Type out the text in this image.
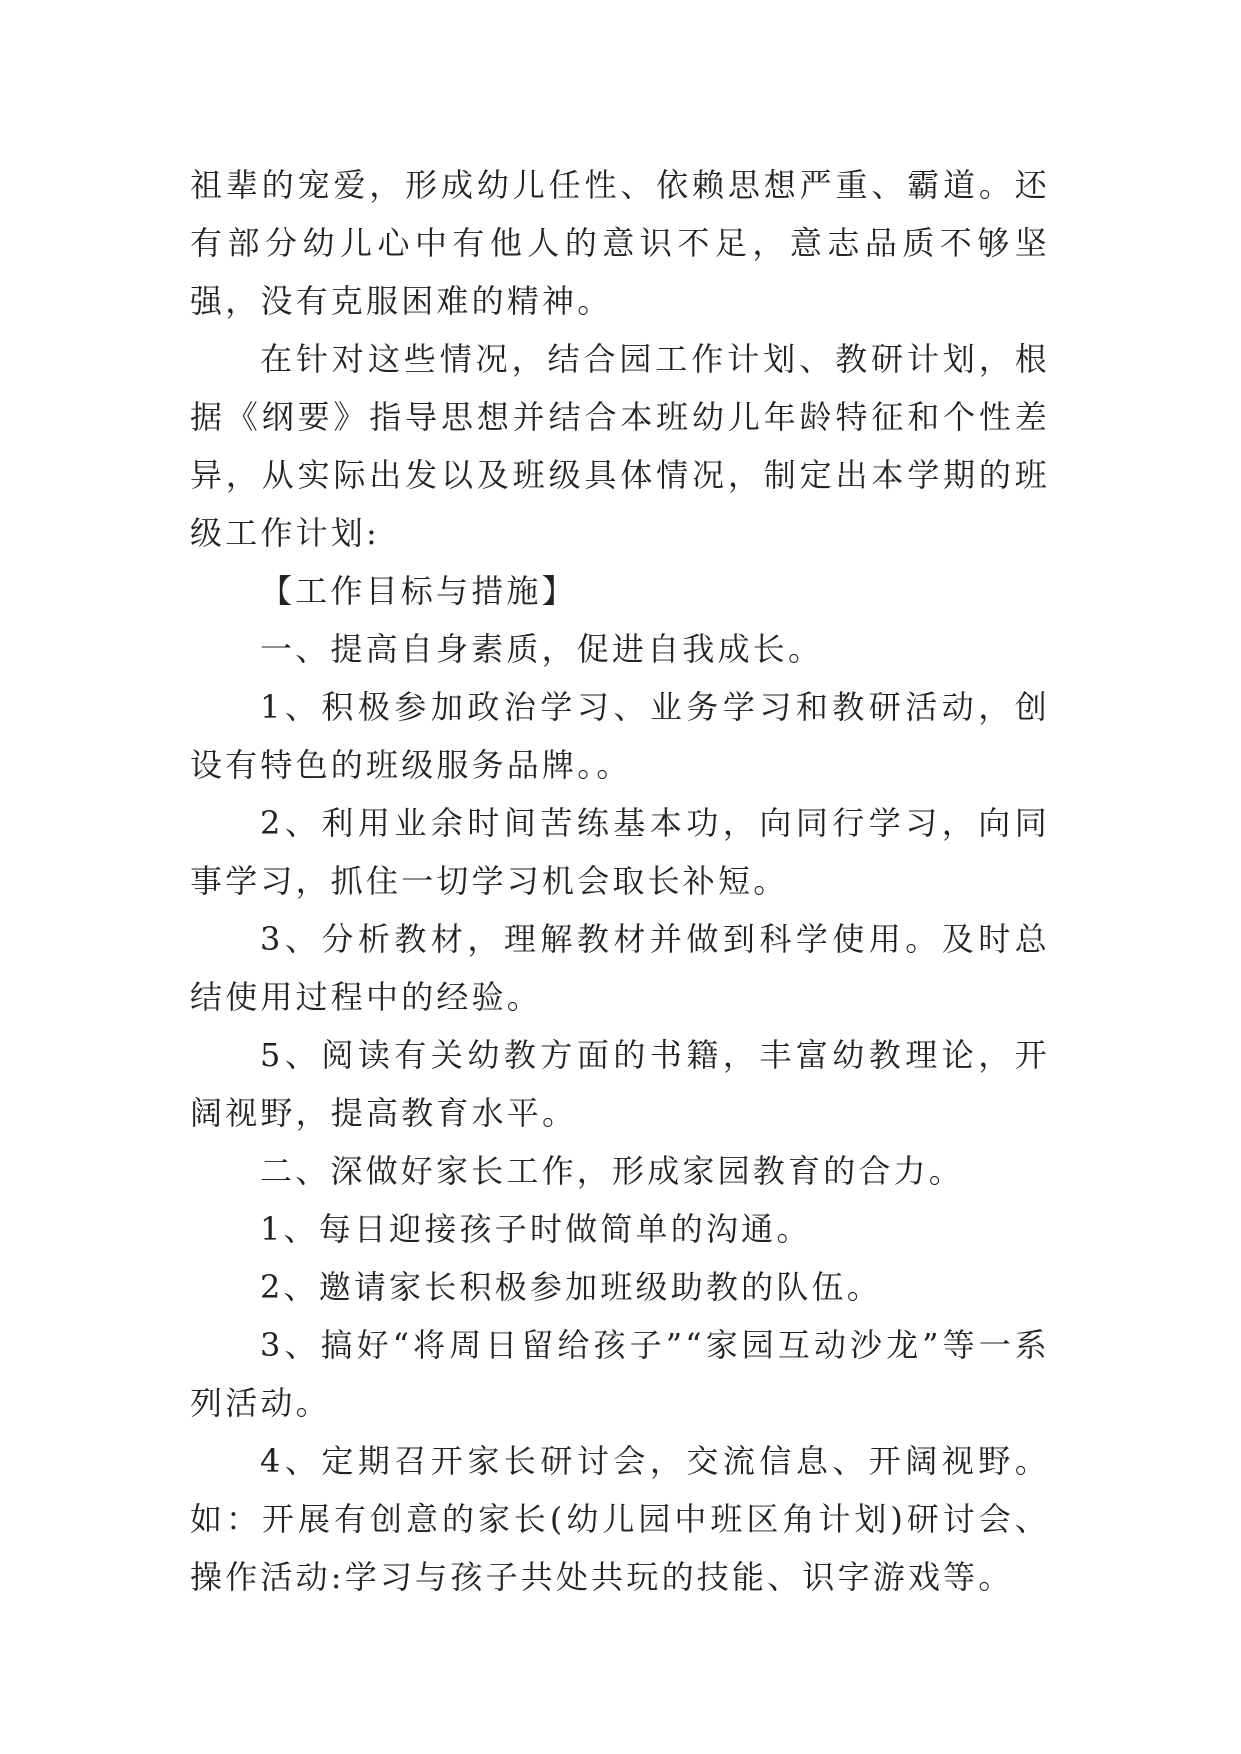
祖辈的宠爱，形成幼儿任性、依赖思想严重、霸道。还有部分幼儿心中有他人的意识不足，意志品质不够坚强，没有克服困难的精神。

在针对这些情况，结合园工作计划、教研计划，根据《纲要》指导思想并结合本班幼儿年龄特征和个性差异，从实际出发以及班级具体情况，制定出本学期的班级工作计划:

【工作目标与措施】

一、提高自身素质，促进自我成长。

1、积极参加政治学习、业务学习和教研活动，创设有特色的班级服务品牌。。

2、利用业余时间苦练基本功，向同行学习，向同事学习，抓住一切学习机会取长补短。

3、分析教材，理解教材并做到科学使用。及时总结使用过程中的经验。

5、阅读有关幼教方面的书籍，丰富幼教理论，开阔视野，提高教育水平。

二、深做好家长工作，形成家园教育的合力。

1、每日迎接孩子时做简单的沟通。

2、邀请家长积极参加班级助教的队伍。

3、搞好“将周日留给孩子”“家园互动沙龙”等一系列活动。

4、定期召开家长研讨会，交流信息、开阔视野。如：开展有创意的家长(幼儿园中班区角计划)研讨会、操作活动:学习与孩子共处共玩的技能、识字游戏等。
